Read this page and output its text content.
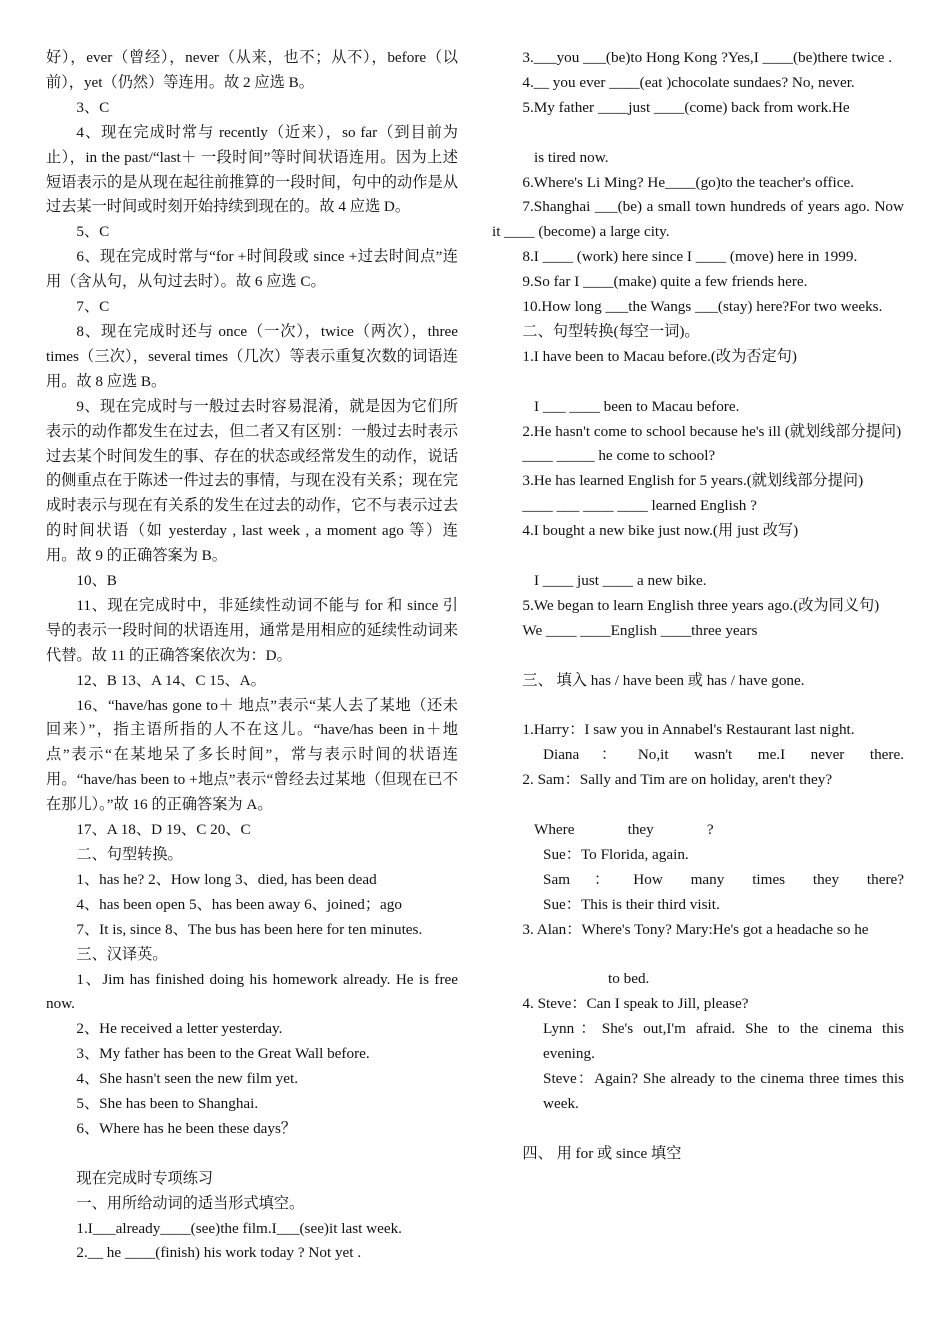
好），ever（曾经），never（从来，也不；从不），before（以前），yet（仍然）等连用。故 2 应选 B。

3、C

4、现在完成时常与 recently（近来），so far（到目前为止），in the past/“last＋ 一段时间”等时间状语连用。因为上述短语表示的是从现在起往前推算的一段时间，句中的动作是从过去某一时间或时刻开始持续到现在的。故 4 应选 D。

5、C

6、现在完成时常与“for +时间段或 since +过去时间点”连用（含从句，从句过去时）。故 6 应选 C。

7、C

8、现在完成时还与 once（一次），twice（两次），three times（三次），several times（几次）等表示重复次数的词语连用。故 8 应选 B。

9、现在完成时与一般过去时容易混淆，就是因为它们所表示的动作都发生在过去，但二者又有区别：一般过去时表示过去某个时间发生的事、存在的状态或经常发生的动作，说话的侧重点在于陈述一件过去的事情，与现在没有关系；现在完成时表示与现在有关系的发生在过去的动作，它不与表示过去的时间状语（如 yesterday , last week , a moment ago 等）连用。故 9 的正确答案为 B。

10、B

11、现在完成时中，非延续性动词不能与 for 和 since 引导的表示一段时间的状语连用，通常是用相应的延续性动词来代替。故 11 的正确答案依次为：D。

12、B 13、A 14、C 15、A。

16、“have/has gone to＋ 地点”表示“某人去了某地（还未回来）”，指主语所指的人不在这儿。“have/has been in＋地点”表示“在某地呆了多长时间”，常与表示时间的状语连用。“have/has been to +地点”表示“曾经去过某地（但现在已不在那儿）。”故 16 的正确答案为 A。

17、A 18、D 19、C 20、C

二、句型转换。

1、has he? 2、How long 3、died, has been dead

4、has been open 5、has been away 6、joined；ago

7、It is, since 8、The bus has been here for ten minutes.

三、汉译英。

1、Jim has finished doing his homework already. He is free now.

2、He received a letter yesterday.

3、My father has been to the Great Wall before.

4、She hasn't seen the new film yet.

5、She has been to Shanghai.

6、Where has he been these days？

现在完成时专项练习

一、用所给动词的适当形式填空。

1.I___already____(see)the film.I___(see)it last week.

2.__ he ____(finish) his work today ? Not yet .

3.___you ___(be)to Hong Kong ?Yes,I ____(be)there twice .

4.__ you ever ____(eat )chocolate sundaes? No, never.

5.My father ____just ____(come) back from work.He

is tired now.

6.Where's Li Ming? He____(go)to the teacher's office.

7.Shanghai ___(be) a small town hundreds of years ago. Now it ____ (become) a large city.

8.I ____ (work) here since I ____ (move) here in 1999.

9.So far I ____(make) quite a few friends here.

10.How long ___the Wangs ___(stay) here?For two weeks.

二、句型转换(每空一词)。

1.I have been to Macau before.(改为否定句)

I ___ ____ been to Macau before.

2.He hasn't come to school because he's ill (就划线部分提问)

____ _____ he come to school?

3.He has learned English for 5 years.(就划线部分提问)

____ ___ ____ ____ learned English ?

4.I bought a new bike just now.(用 just 改写)

I ____ just ____ a new bike.

5.We began to learn English three years ago.(改为同义句)

We ____ ____English ____three years

三、 填入 has / have been 或 has / have gone.

1.Harry：I saw you in Annabel's Restaurant last night.

Diana：No,it wasn't me.I never there.

2. Sam：Sally and Tim are on holiday, aren't they?

Where              they              ?

Sue：To Florida, again.

Sam：How many times they there?

Sue：This is their third visit.

3. Alan：Where's Tony? Mary:He's got a headache so he

to bed.

4. Steve：Can I speak to Jill, please?

Lynn：She's out,I'm afraid. She to the cinema this evening.

Steve：Again? She already to the cinema three times this week.

四、 用 for 或 since 填空
